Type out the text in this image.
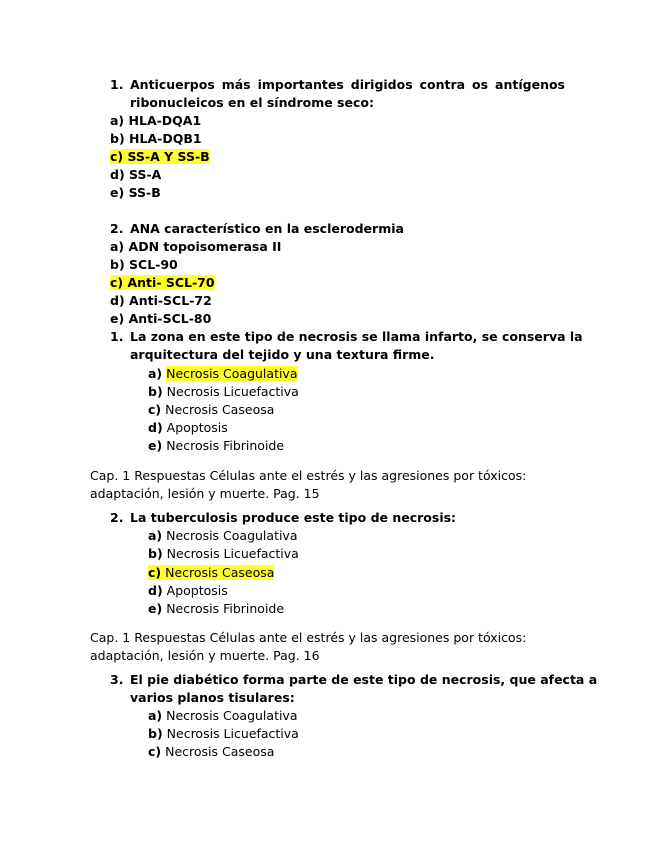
1. Anticuerpos más importantes dirigidos contra os antígenos
ribonucleicos en el síndrome seco:
a) HLA-DQA1
b) HLA-DQB1
c) SS-A Y SS-B
d) SS-A
e) SS-B
2. ANA característico en la esclerodermia
a) ADN topoisomerasa II
b) SCL-90
c) Anti- SCL-70
d) Anti-SCL-72
e) Anti-SCL-80
1. La zona en este tipo de necrosis se llama infarto, se conserva la
arquitectura del tejido y una textura firme.
a) Necrosis Coagulativa
b) Necrosis Licuefactiva
c) Necrosis Caseosa
d) Apoptosis
e) Necrosis Fibrinoide
Cap. 1 Respuestas Células ante el estrés y las agresiones por tóxicos:
adaptación, lesión y muerte. Pag. 15
2. La tuberculosis produce este tipo de necrosis:
a) Necrosis Coagulativa
b) Necrosis Licuefactiva
c) Necrosis Caseosa
d) Apoptosis
e) Necrosis Fibrinoide
Cap. 1 Respuestas Células ante el estrés y las agresiones por tóxicos:
adaptación, lesión y muerte. Pag. 16
3. El pie diabético forma parte de este tipo de necrosis, que afecta a
varios planos tisulares:
a) Necrosis Coagulativa
b) Necrosis Licuefactiva
c) Necrosis Caseosa
